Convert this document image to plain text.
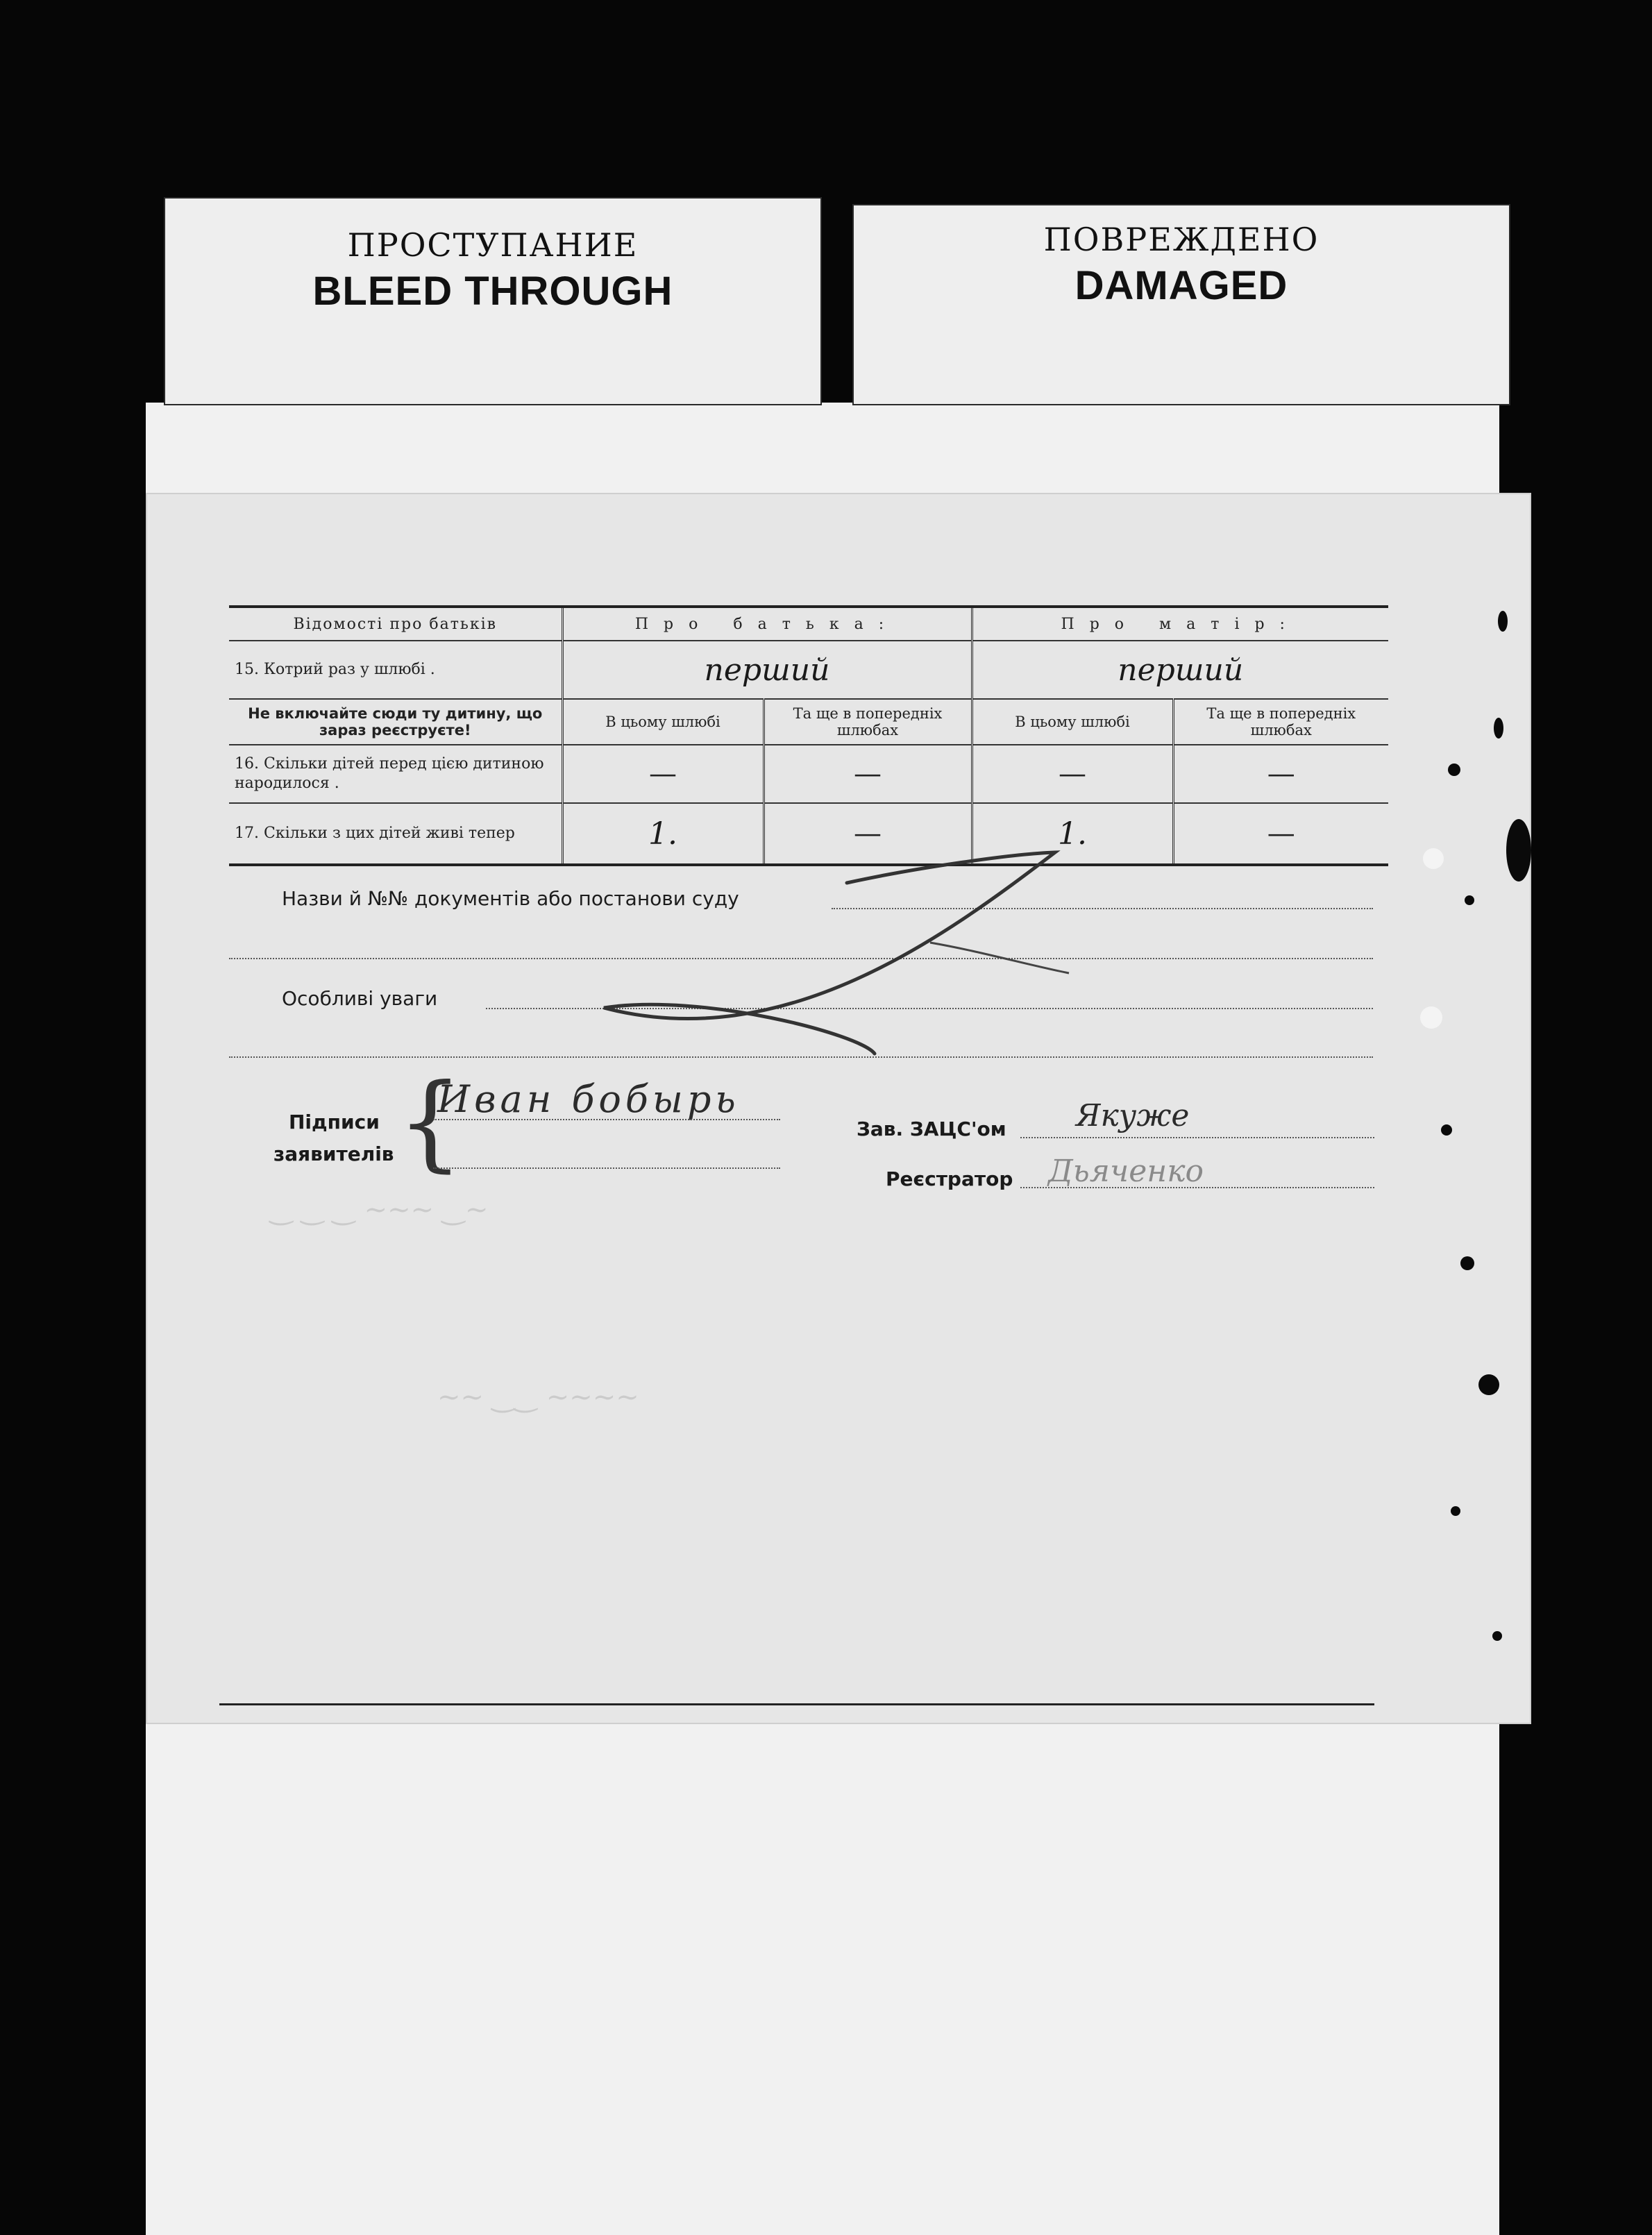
ПРОСТУПАНИЕ
BLEED THROUGH
ПОВРЕЖДЕНО
DAMAGED
‿ ‿ ‿ ~~~ ‿~
~~ ‿‿ ~~~~
Відомості про батьків	Про батька:		Про матір:	
15. Котрий раз у шлюбі .	перший		перший	
Не включайте сюди ту дитину, що зараз реєструєте!	В цьому шлюбі	Та ще в попередніх шлюбах	В цьому шлюбі	Та ще в попередніх шлюбах
16. Скільки дітей перед цією дитиною народилося .	—	—	—	—
17. Скільки з цих дітей живі тепер	1.	—	1.	—
Назви й №№ документів або постанови суду
Особливі уваги
Підписи
заявителів {
Иван бобырь
Зав. ЗАЦС'ом Якуже
Реєстратор Дьяченко
